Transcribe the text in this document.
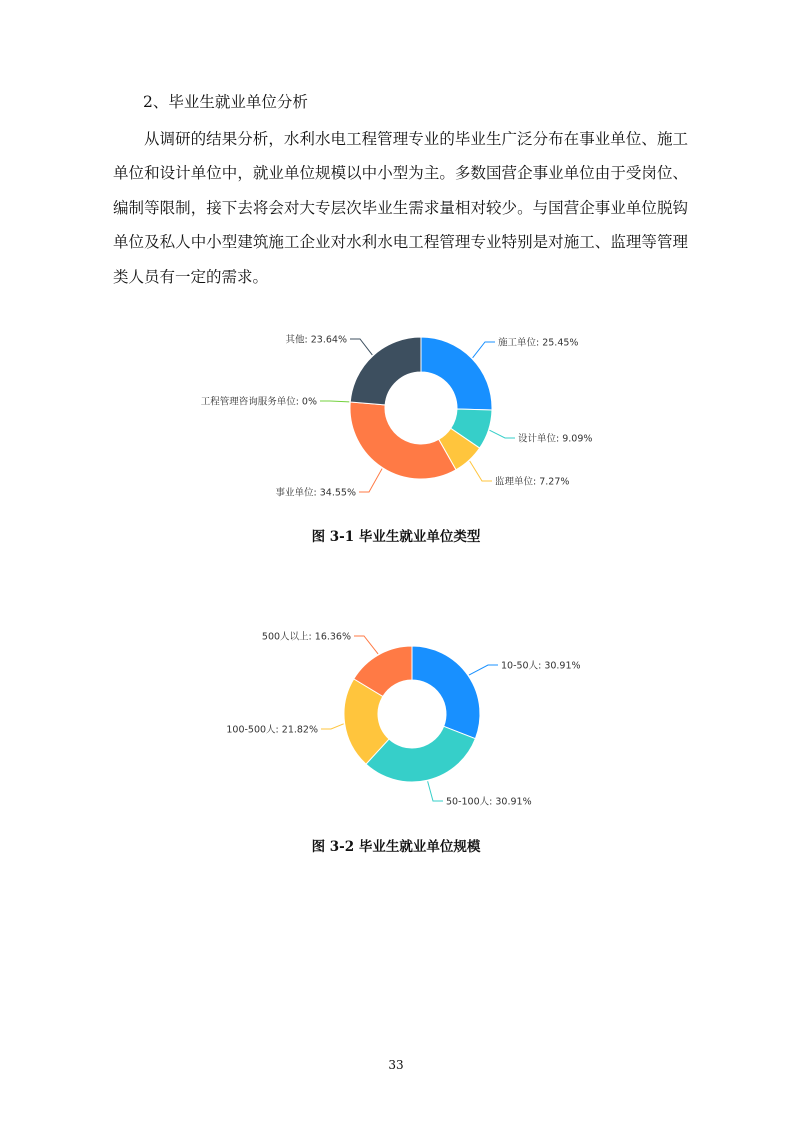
2、毕业生就业单位分析
从调研的结果分析，水利水电工程管理专业的毕业生广泛分布在事业单位、施工单位和设计单位中，就业单位规模以中小型为主。多数国营企事业单位由于受岗位、编制等限制，接下去将会对大专层次毕业生需求量相对较少。与国营企事业单位脱钩单位及私人中小型建筑施工企业对水利水电工程管理专业特别是对施工、监理等管理类人员有一定的需求。
施工单位: 25.45%
设计单位: 9.09%
监理单位: 7.27%
事业单位: 34.55%
工程管理咨询服务单位: 0%
其他: 23.64%
图 3-1 毕业生就业单位类型
10-50人: 30.91%
50-100人: 30.91%
100-500人: 21.82%
500人以上: 16.36%
图 3-2 毕业生就业单位规模
33
